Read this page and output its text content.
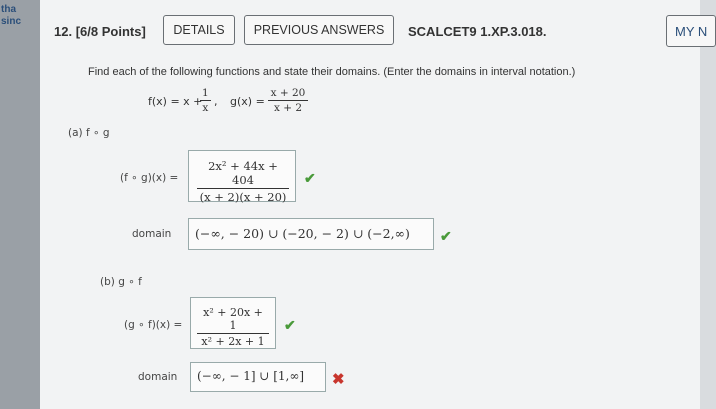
tha
sinc
12. [6/8 Points]	DETAILS	PREVIOUS ANSWERS	SCALCET9 1.XP.3.018.	MY N
Find each of the following functions and state their domains. (Enter the domains in interval notation.)
f(x) = x +
1
x , g(x) =
x + 20
x + 2
(a) f ∘ g
(f ∘ g)(x) =
2x² + 44x + 404
(x + 2)(x + 20)
✔
domain (−∞, − 20) ∪ (−20, − 2) ∪ (−2,∞) ✔
(b) g ∘ f
(g ∘ f)(x) =
x² + 20x + 1
x² + 2x + 1
✔
domain (−∞, − 1] ∪ [1,∞] ✖
